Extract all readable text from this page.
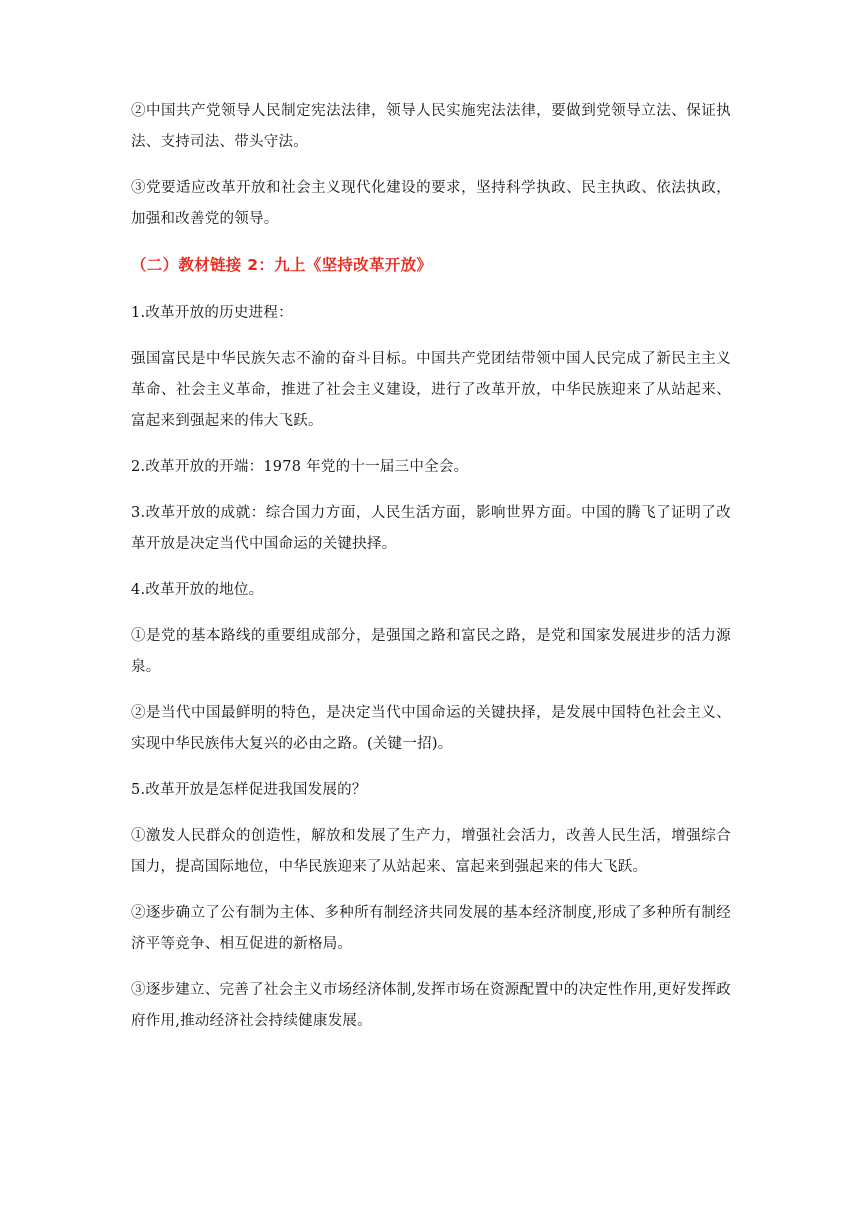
②中国共产党领导人民制定宪法法律，领导人民实施宪法法律，要做到党领导立法、保证执法、支持司法、带头守法。

③党要适应改革开放和社会主义现代化建设的要求，坚持科学执政、民主执政、依法执政，加强和改善党的领导。

（二）教材链接 2：九上《坚持改革开放》

1.改革开放的历史进程：

强国富民是中华民族矢志不渝的奋斗目标。中国共产党团结带领中国人民完成了新民主主义革命、社会主义革命，推进了社会主义建设，进行了改革开放，中华民族迎来了从站起来、富起来到强起来的伟大飞跃。

2.改革开放的开端：1978 年党的十一届三中全会。

3.改革开放的成就：综合国力方面，人民生活方面，影响世界方面。中国的腾飞了证明了改革开放是决定当代中国命运的关键抉择。

4.改革开放的地位。

①是党的基本路线的重要组成部分，是强国之路和富民之路，是党和国家发展进步的活力源泉。

②是当代中国最鲜明的特色，是决定当代中国命运的关键抉择，是发展中国特色社会主义、实现中华民族伟大复兴的必由之路。(关键一招)。

5.改革开放是怎样促进我国发展的？

①激发人民群众的创造性，解放和发展了生产力，增强社会活力，改善人民生活，增强综合国力，提高国际地位，中华民族迎来了从站起来、富起来到强起来的伟大飞跃。

②逐步确立了公有制为主体、多种所有制经济共同发展的基本经济制度,形成了多种所有制经济平等竞争、相互促进的新格局。

③逐步建立、完善了社会主义市场经济体制,发挥市场在资源配置中的决定性作用,更好发挥政府作用,推动经济社会持续健康发展。
